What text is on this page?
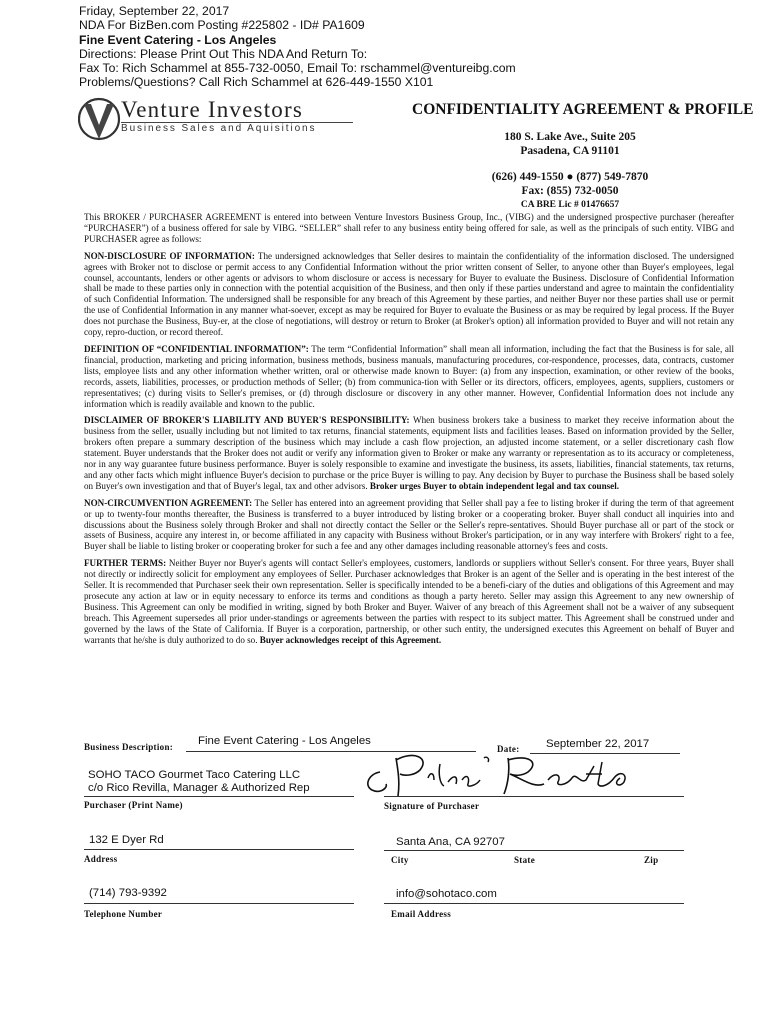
Friday, September 22, 2017
NDA For BizBen.com Posting #225802 - ID# PA1609
Fine Event Catering - Los Angeles
Directions: Please Print Out This NDA And Return To:
Fax To: Rich Schammel at 855-732-0050, Email To: rschammel@ventureibg.com
Problems/Questions? Call Rich Schammel at 626-449-1550 X101
Venture Investors
Business Sales and Aquisitions
CONFIDENTIALITY AGREEMENT & PROFILE
180 S. Lake Ave., Suite 205
Pasadena, CA 91101
(626) 449-1550 ● (877) 549-7870
Fax: (855) 732-0050
CA BRE Lic # 01476657

This BROKER / PURCHASER AGREEMENT is entered into between Venture Investors Business Group, Inc., (VIBG) and the undersigned prospective purchaser (hereafter “PURCHASER”) of a business offered for sale by VIBG. “SELLER” shall refer to any business entity being offered for sale, as well as the principals of such entity. VIBG and PURCHASER agree as follows:

NON-DISCLOSURE OF INFORMATION: The undersigned acknowledges that Seller desires to maintain the confidentiality of the information disclosed. The undersigned agrees with Broker not to disclose or permit access to any Confidential Information without the prior written consent of Seller, to anyone other than Buyer's employees, legal counsel, accountants, lenders or other agents or advisors to whom disclosure or access is necessary for Buyer to evaluate the Business. Disclosure of Confidential Information shall be made to these parties only in connection with the potential acquisition of the Business, and then only if these parties understand and agree to maintain the confidentiality of such Confidential Information. The undersigned shall be responsible for any breach of this Agreement by these parties, and neither Buyer nor these parties shall use or permit the use of Confidential Information in any manner what-soever, except as may be required for Buyer to evaluate the Business or as may be required by legal process. If the Buyer does not purchase the Business, Buy-er, at the close of negotiations, will destroy or return to Broker (at Broker's option) all information provided to Buyer and will not retain any copy, repro-duction, or record thereof.

DEFINITION OF “CONFIDENTIAL INFORMATION”: The term “Confidential Information” shall mean all information, including the fact that the Business is for sale, all financial, production, marketing and pricing information, business methods, business manuals, manufacturing procedures, cor-respondence, processes, data, contracts, customer lists, employee lists and any other information whether written, oral or otherwise made known to Buyer: (a) from any inspection, examination, or other review of the books, records, assets, liabilities, processes, or production methods of Seller; (b) from communica-tion with Seller or its directors, officers, employees, agents, suppliers, customers or representatives; (c) during visits to Seller's premises, or (d) through disclosure or discovery in any other manner. However, Confidential Information does not include any information which is readily available and known to the public.

DISCLAIMER OF BROKER'S LIABILITY AND BUYER'S RESPONSIBILITY: When business brokers take a business to market they receive information about the business from the seller, usually including but not limited to tax returns, financial statements, equipment lists and facilities leases. Based on information provided by the Seller, brokers often prepare a summary description of the business which may include a cash flow projection, an adjusted income statement, or a seller discretionary cash flow statement. Buyer understands that the Broker does not audit or verify any information given to Broker or make any warranty or representation as to its accuracy or completeness, nor in any way guarantee future business performance. Buyer is solely responsible to examine and investigate the business, its assets, liabilities, financial statements, tax returns, and any other facts which might influence Buyer's decision to purchase or the price Buyer is willing to pay. Any decision by Buyer to purchase the Business shall be based solely on Buyer's own investigation and that of Buyer's legal, tax and other advisors. Broker urges Buyer to obtain independent legal and tax counsel.

NON-CIRCUMVENTION AGREEMENT: The Seller has entered into an agreement providing that Seller shall pay a fee to listing broker if during the term of that agreement or up to twenty-four months thereafter, the Business is transferred to a buyer introduced by listing broker or a cooperating broker. Buyer shall conduct all inquiries into and discussions about the Business solely through Broker and shall not directly contact the Seller or the Seller's repre-sentatives. Should Buyer purchase all or part of the stock or assets of Business, acquire any interest in, or become affiliated in any capacity with Business without Broker's participation, or in any way interfere with Brokers' right to a fee, Buyer shall be liable to listing broker or cooperating broker for such a fee and any other damages including reasonable attorney's fees and costs.

FURTHER TERMS: Neither Buyer nor Buyer's agents will contact Seller's employees, customers, landlords or suppliers without Seller's consent. For three years, Buyer shall not directly or indirectly solicit for employment any employees of Seller. Purchaser acknowledges that Broker is an agent of the Seller and is operating in the best interest of the Seller. It is recommended that Purchaser seek their own representation. Seller is specifically intended to be a benefi-ciary of the duties and obligations of this Agreement and may prosecute any action at law or in equity necessary to enforce its terms and conditions as though a party hereto. Seller may assign this Agreement to any new ownership of Business. This Agreement can only be modified in writing, signed by both Broker and Buyer. Waiver of any breach of this Agreement shall not be a waiver of any subsequent breach. This Agreement supersedes all prior under-standings or agreements between the parties with respect to its subject matter. This Agreement shall be construed under and governed by the laws of the State of California. If Buyer is a corporation, partnership, or other such entity, the undersigned executes this Agreement on behalf of Buyer and warrants that he/she is duly authorized to do so. Buyer acknowledges receipt of this Agreement.

Business Description: Fine Event Catering - Los Angeles
Date: September 22, 2017
SOHO TACO Gourmet Taco Catering LLC
c/o Rico Revilla, Manager & Authorized Rep
Purchaser (Print Name)	Signature of Purchaser
132 E Dyer Rd
Address
Santa Ana, CA 92707
City	State	Zip
(714) 793-9392
Telephone Number
info@sohotaco.com
Email Address
